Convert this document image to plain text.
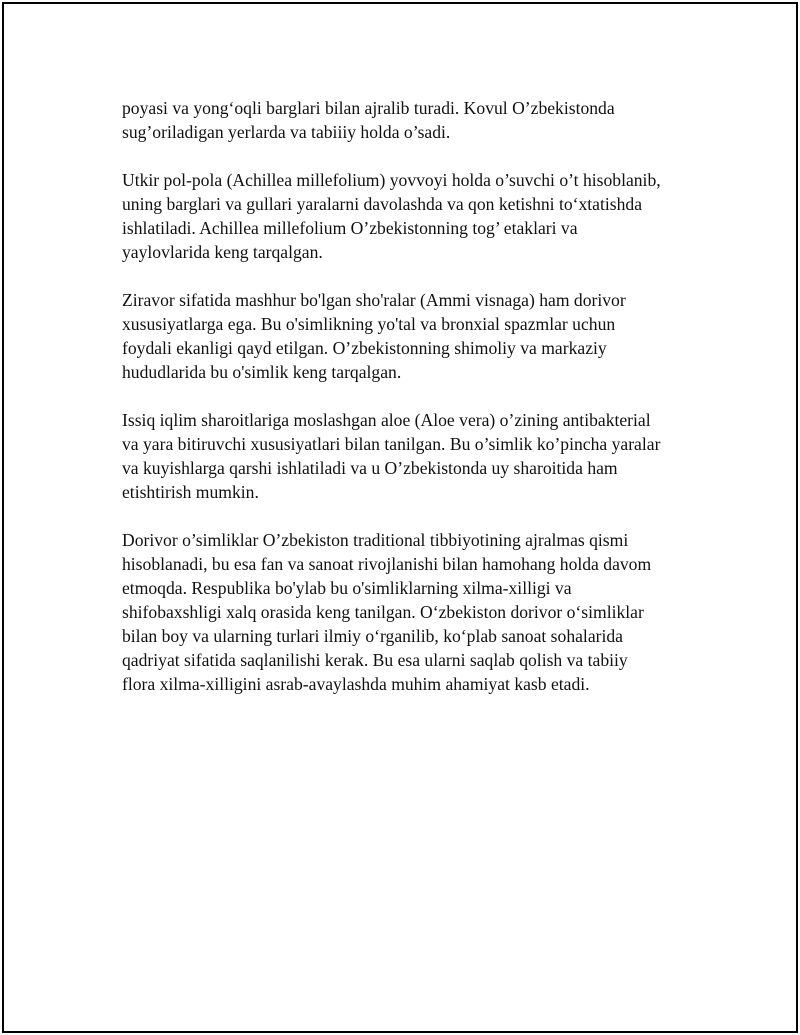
poyasi va yong‘oqli barglari bilan ajralib turadi. Kovul O’zbekistonda
sug’oriladigan yerlarda va tabiiiy holda o’sadi.

Utkir pol-pola (Achillea millefolium) yovvoyi holda o’suvchi o’t hisoblanib,
uning barglari va gullari yaralarni davolashda va qon ketishni to‘xtatishda
ishlatiladi. Achillea millefolium O’zbekistonning tog’ etaklari va
yaylovlarida keng tarqalgan.

Ziravor sifatida mashhur bo'lgan sho'ralar (Ammi visnaga) ham dorivor
xususiyatlarga ega. Bu o'simlikning yo'tal va bronxial spazmlar uchun
foydali ekanligi qayd etilgan. O’zbekistonning shimoliy va markaziy
hududlarida bu o'simlik keng tarqalgan.

Issiq iqlim sharoitlariga moslashgan aloe (Aloe vera) o’zining antibakterial
va yara bitiruvchi xususiyatlari bilan tanilgan. Bu o’simlik ko’pincha yaralar
va kuyishlarga qarshi ishlatiladi va u O’zbekistonda uy sharoitida ham
etishtirish mumkin.

Dorivor o’simliklar O’zbekiston traditional tibbiyotining ajralmas qismi
hisoblanadi, bu esa fan va sanoat rivojlanishi bilan hamohang holda davom
etmoqda. Respublika bo'ylab bu o'simliklarning xilma-xilligi va
shifobaxshligi xalq orasida keng tanilgan. O‘zbekiston dorivor o‘simliklar
bilan boy va ularning turlari ilmiy o‘rganilib, ko‘plab sanoat sohalarida
qadriyat sifatida saqlanilishi kerak. Bu esa ularni saqlab qolish va tabiiy
flora xilma-xilligini asrab-avaylashda muhim ahamiyat kasb etadi.
